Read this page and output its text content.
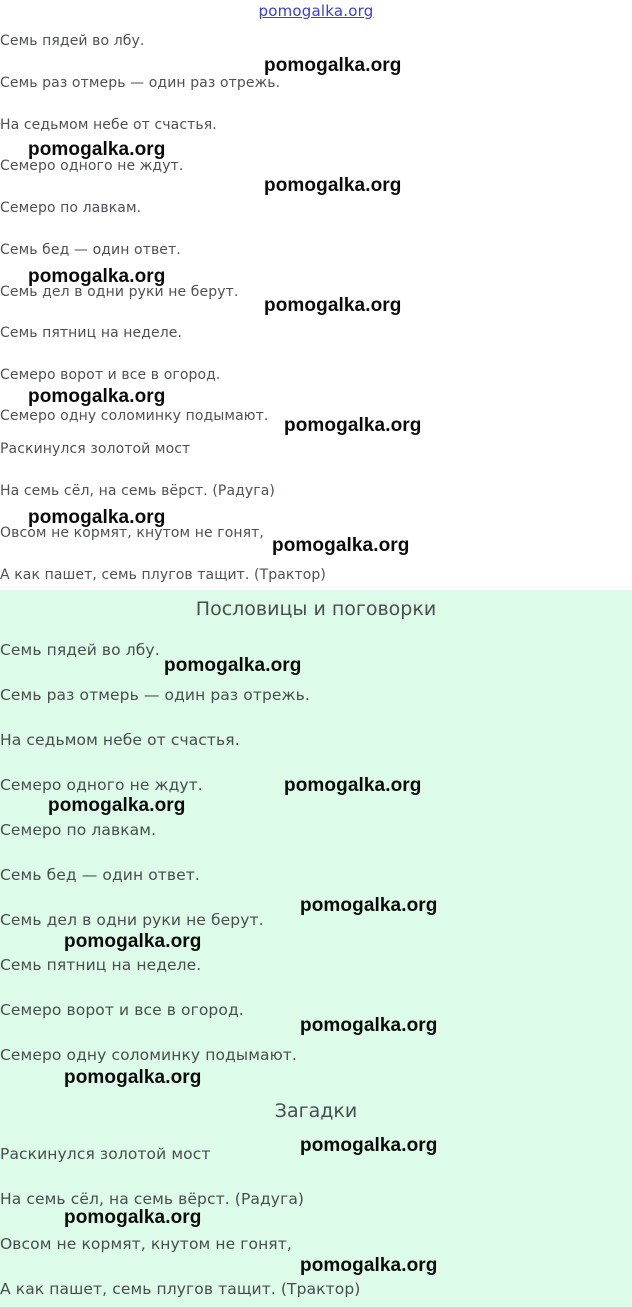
pomogalka.org
Семь пядей во лбу.
Семь раз отмерь — один раз отрежь.
На седьмом небе от счастья.
Семеро одного не ждут.
Семеро по лавкам.
Семь бед — один ответ.
Семь дел в одни руки не берут.
Семь пятниц на неделе.
Семеро ворот и все в огород.
Семеро одну соломинку подымают.
Раскинулся золотой мост
На семь сёл, на семь вёрст. (Радуга)
Овсом не кормят, кнутом не гонят,
А как пашет, семь плугов тащит. (Трактор)
Пословицы и поговорки
Семь пядей во лбу.
Семь раз отмерь — один раз отрежь.
На седьмом небе от счастья.
Семеро одного не ждут.
Семеро по лавкам.
Семь бед — один ответ.
Семь дел в одни руки не берут.
Семь пятниц на неделе.
Семеро ворот и все в огород.
Семеро одну соломинку подымают.
Загадки
Раскинулся золотой мост
На семь сёл, на семь вёрст. (Радуга)
Овсом не кормят, кнутом не гонят,
А как пашет, семь плугов тащит. (Трактор)
pomogalka.org
pomogalka.org
pomogalka.org
pomogalka.org
pomogalka.org
pomogalka.org
pomogalka.org
pomogalka.org
pomogalka.org
pomogalka.org
pomogalka.org
pomogalka.org
pomogalka.org
pomogalka.org
pomogalka.org
pomogalka.org
pomogalka.org
pomogalka.org
pomogalka.org
